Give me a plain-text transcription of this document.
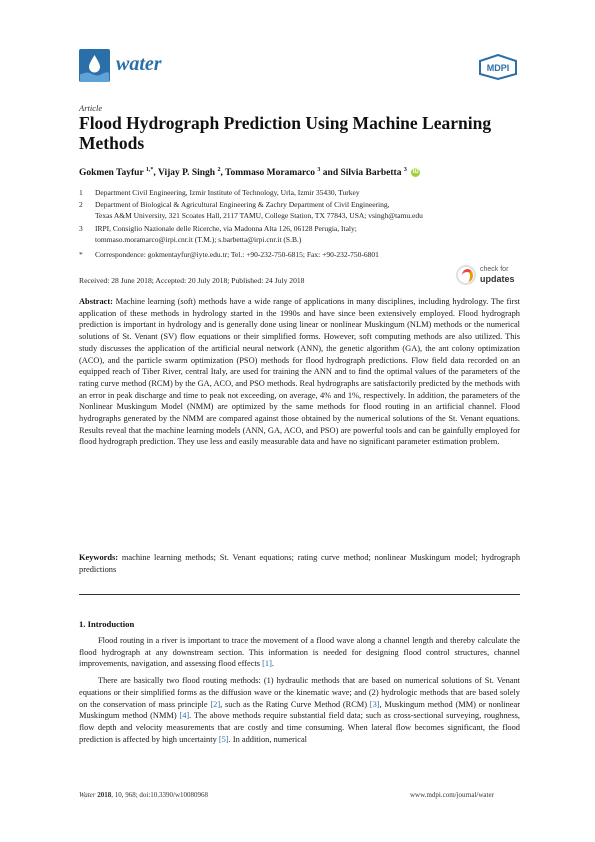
water	MDPI
Article
Flood Hydrograph Prediction Using Machine Learning Methods
Gokmen Tayfur $^{1,*}$, Vijay P. Singh $^2$, Tommaso Moramarco $^3$ and Silvia Barbetta $^3$ iD
1	Department Civil Engineering, Izmir Institute of Technology, Urla, Izmir 35430, Turkey
2	Department of Biological & Agricultural Engineering & Zachry Department of Civil Engineering,
Texas A&M University, 321 Scoates Hall, 2117 TAMU, College Station, TX 77843, USA; vsingh@tamu.edu
3	IRPI, Consiglio Nazionale delle Ricerche, via Madonna Alta 126, 06128 Perugia, Italy;
tommaso.moramarco@irpi.cnr.it (T.M.); s.barbetta@irpi.cnr.it (S.B.)
*	Correspondence: gokmentayfur@iyte.edu.tr; Tel.: +90-232-750-6815; Fax: +90-232-750-6801
Received: 28 June 2018; Accepted: 20 July 2018; Published: 24 July 2018
check for
updates
Abstract: Machine learning (soft) methods have a wide range of applications in many disciplines, including hydrology. The first application of these methods in hydrology started in the 1990s and have since been extensively employed. Flood hydrograph prediction is important in hydrology and is generally done using linear or nonlinear Muskingum (NLM) methods or the numerical solutions of St. Venant (SV) flow equations or their simplified forms. However, soft computing methods are also utilized. This study discusses the application of the artificial neural network (ANN), the genetic algorithm (GA), the ant colony optimization (ACO), and the particle swarm optimization (PSO) methods for flood hydrograph predictions. Flow field data recorded on an equipped reach of Tiber River, central Italy, are used for training the ANN and to find the optimal values of the parameters of the rating curve method (RCM) by the GA, ACO, and PSO methods. Real hydrographs are satisfactorily predicted by the methods with an error in peak discharge and time to peak not exceeding, on average, 4% and 1%, respectively. In addition, the parameters of the Nonlinear Muskingum Model (NMM) are optimized by the same methods for flood routing in an artificial channel. Flood hydrographs generated by the NMM are compared against those obtained by the numerical solutions of the St. Venant equations. Results reveal that the machine learning models (ANN, GA, ACO, and PSO) are powerful tools and can be gainfully employed for flood hydrograph prediction. They use less and easily measurable data and have no significant parameter estimation problem.
Keywords: machine learning methods; St. Venant equations; rating curve method; nonlinear Muskingum model; hydrograph predictions
1. Introduction

Flood routing in a river is important to trace the movement of a flood wave along a channel length and thereby calculate the flood hydrograph at any downstream section. This information is needed for designing flood control structures, channel improvements, navigation, and assessing flood effects [1].

There are basically two flood routing methods: (1) hydraulic methods that are based on numerical solutions of St. Venant equations or their simplified forms as the diffusion wave or the kinematic wave; and (2) hydrologic methods that are based solely on the conservation of mass principle [2], such as the Rating Curve Method (RCM) [3], Muskingum method (MM) or nonlinear Muskingum method (NMM) [4]. The above methods require substantial field data; such as cross-sectional surveying, roughness, flow depth and velocity measurements that are costly and time consuming. When lateral flow becomes significant, the flood prediction is affected by high uncertainty [5]. In addition, numerical

Water 2018, 10, 968; doi:10.3390/w10080968	www.mdpi.com/journal/water
